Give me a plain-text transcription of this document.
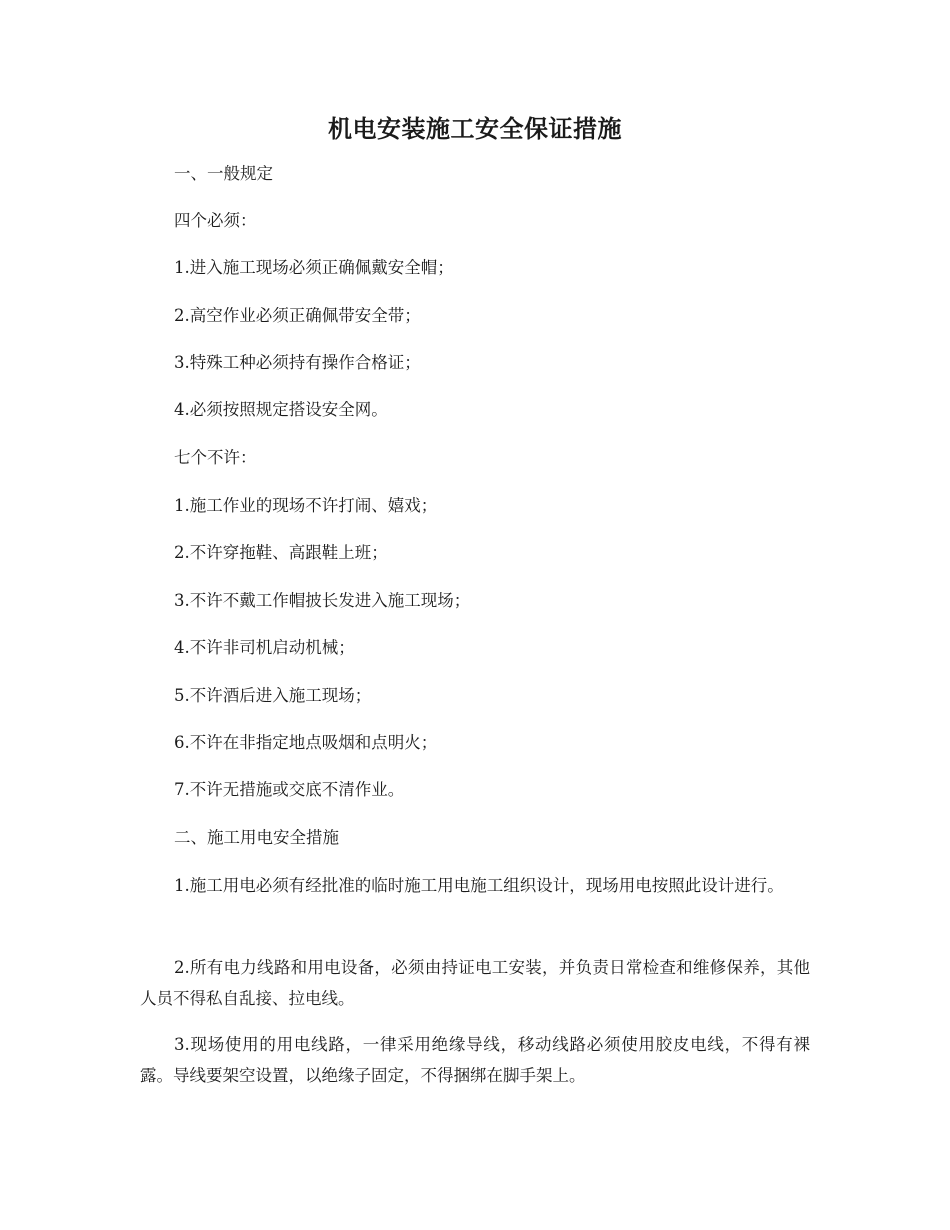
机电安装施工安全保证措施
一、一般规定
四个必须：
1.进入施工现场必须正确佩戴安全帽；
2.高空作业必须正确佩带安全带；
3.特殊工种必须持有操作合格证；
4.必须按照规定搭设安全网。
七个不许：
1.施工作业的现场不许打闹、嬉戏；
2.不许穿拖鞋、高跟鞋上班；
3.不许不戴工作帽披长发进入施工现场；
4.不许非司机启动机械；
5.不许酒后进入施工现场；
6.不许在非指定地点吸烟和点明火；
7.不许无措施或交底不清作业。
二、施工用电安全措施
1.施工用电必须有经批准的临时施工用电施工组织设计，现场用电按照此设计进行。
2.所有电力线路和用电设备，必须由持证电工安装，并负责日常检查和维修保养，其他人员不得私自乱接、拉电线。
3.现场使用的用电线路，一律采用绝缘导线，移动线路必须使用胶皮电线，不得有裸露。导线要架空设置，以绝缘子固定，不得捆绑在脚手架上。
